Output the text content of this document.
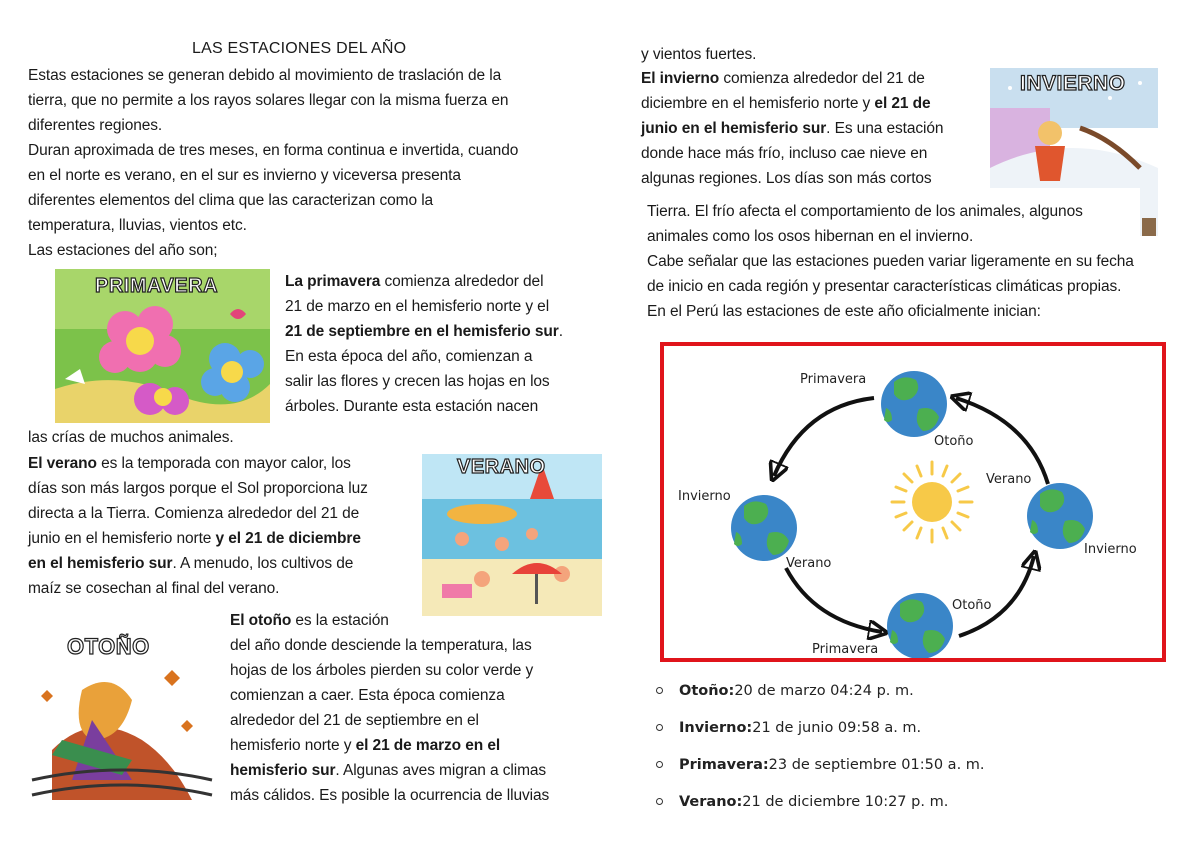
LAS ESTACIONES DEL AÑO
Estas estaciones se generan debido al movimiento de traslación de la
tierra, que no permite a los rayos solares llegar con la misma fuerza en
diferentes regiones.
Duran aproximada de tres meses, en forma continua e invertida, cuando
en el norte es verano, en el sur es invierno y viceversa presenta
diferentes elementos del clima que las caracterizan como la
temperatura, lluvias, vientos etc.
Las estaciones del año son;
PRIMAVERA	La primavera comienza alrededor del
21 de marzo en el hemisferio norte y el
21 de septiembre en el hemisferio sur.
En esta época del año, comienzan a
salir las flores y crecen las hojas en los
árboles. Durante esta estación nacen
las crías de muchos animales.
El verano es la temporada con mayor calor, los
días son más largos porque el Sol proporciona luz
directa a la Tierra. Comienza alrededor del 21 de
junio en el hemisferio norte y el 21 de diciembre
en el hemisferio sur. A menudo, los cultivos de
maíz se cosechan al final del verano.
VERANO
OTOÑO
El otoño es la estación
del año donde desciende la temperatura, las
hojas de los árboles pierden su color verde y
comienzan a caer. Esta época comienza
alrededor del 21 de septiembre en el
hemisferio norte y el 21 de marzo en el
hemisferio sur. Algunas aves migran a climas
más cálidos. Es posible la ocurrencia de lluvias
y vientos fuertes.
El invierno comienza alrededor del 21 de
diciembre en el hemisferio norte y el 21 de
junio en el hemisferio sur. Es una estación
donde hace más frío, incluso cae nieve en
algunas regiones. Los días son más cortos
INVIERNO
Tierra. El frío afecta el comportamiento de los animales, algunos
animales como los osos hibernan en el invierno.
Cabe señalar que las estaciones pueden variar ligeramente en su fecha
de inicio en cada región y presentar características climáticas propias.
En el Perú las estaciones de este año oficialmente inician:
Primavera
Otoño
Invierno
Verano
Verano
Invierno
Otoño
Primavera
Otoño: 20 de marzo 04:24 p. m.
Invierno: 21 de junio 09:58 a. m.
Primavera: 23 de septiembre 01:50 a. m.
Verano: 21 de diciembre 10:27 p. m.
